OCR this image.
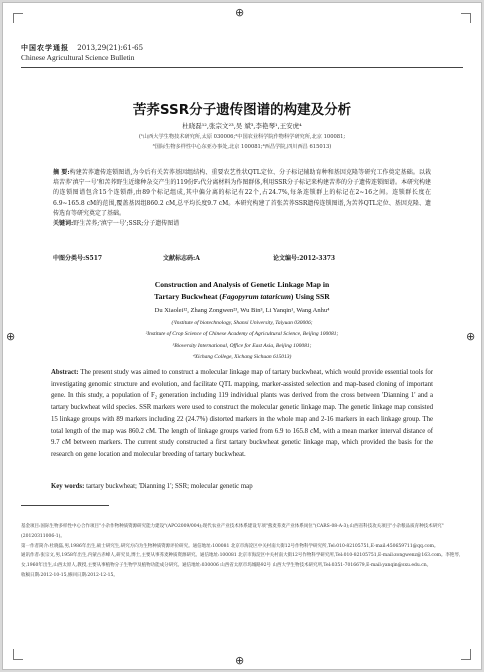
⊕
⊕
⊕	⊕
中国农学通报 2013,29(21):61-65
Chinese Agricultural Science Bulletin
苦荞SSR分子遗传图谱的构建及分析
杜晓磊¹²,张宗文²³,吴 斌³,李艳琴¹,王安虎⁴
(¹山西大学生物技术研究所,太原 030006;²中国农业科学院作物科学研究所,北京 100081;
³国际生物多样性中心东亚办事处,北京 100081;⁴西昌学院,四川西昌 615013)
摘 要:构建苦荞遗传连锁图谱,为今后有关苦荞基因组结构、重要农艺性状QTL定位、分子标记辅助育种和基因克隆等研究工作奠定基础。以栽培苦荞'滇宁一号'和苦荞野生近缘种杂交产生的119份F₂代分离材料为作图群体,利用SSR分子标记来构建苦荞的分子遗传连锁图谱。本研究构建的连锁图谱包含15个连锁群,由89个标记组成,其中偏分离的标记有22个,占24.7%,每条连锁群上的标记在2~16之间。连锁群长度在6.9~165.8 cM的范围,覆盖基因组860.2 cM,总平均长度9.7 cM。本研究构建了首张苦荞SSR遗传连锁图谱,为苦荞QTL定位、基因克隆、遗传选育等研究奠定了基础。
关键词:野生苦荞;'滇宁一号';SSR;分子遗传图谱
中图分类号:S517	文献标志码:A	论文编号:2012-3373
Construction and Analysis of Genetic Linkage Map in
Tartary Buckwheat (Fagopyrum tataricum) Using SSR
Du Xiaolei¹², Zhang Zongwen²³, Wu Bin³, Li Yanqin¹, Wang Anhu⁴
(¹Institute of biotechnology, Shanxi University, Taiyuan 030006;
²Institute of Crop Science of Chinese Academy of Agricultural Science, Beijing 100081;
³Bioversity International, Office for East Asia, Beijing 100081;
⁴Xichang College, Xichang Sichuan 615013)
Abstract: The present study was aimed to construct a molecular linkage map of tartary buckwheat, which would provide essential tools for investigating genomic structure and evolution, and facilitate QTL mapping, marker-assisted selection and map-based cloning of important gene. In this study, a population of F₂ generation including 119 individual plants was derived from the cross between 'Dianning 1' and a tartary buckwheat wild species. SSR markers were used to construct the molecular genetic linkage map. The genetic linkage map consisted 15 linkage groups with 89 markers including 22 (24.7%) distorted markers in the whole map and 2-16 markers in each linkage group. The total length of the map was 860.2 cM. The length of linkage groups varied from 6.9 to 165.8 cM, with a mean marker interval distance of 9.7 cM between markers. The current study constructed a first tartary buckwheat genetic linkage map, which provided the basis for the research on gene location and molecular breeding of tartary buckwheat.
Key words: tartary buckwheat; 'Dianning 1'; SSR; molecular genetic map

基金项目:国际生物多样性中心合作项目"小杂作物种质资源研究能力建设"(APO2009/004);现代农业产业技术体系建设专项"燕麦荞麦产业体系岗位"(CARS-08-A-3);山西省科技攻关项目"小杂粮品质育种技术研究"(20120311006-1)。

第一作者简介:杜晓磊,男,1986年出生,硕士研究生,研究方向为生物种质资源评价研究。通信地址:100081 北京市海淀区中关村南大街12号作物科学研究所,Tel:010-82105751,E-mail:450659711@qq.com。

通讯作者:张宗文,男,1958年出生,内蒙古赤峰人,研究员,博士,主要从事荞麦种质资源研究。通信地址:100081 北京市海淀区中关村南大街12号作物科学研究所,Tel:010-82105751,E-mail:zongwenz@163.com。李艳琴,女,1960年出生,山西太原人,教授,主要从事植物分子生物学及植物功能成分研究。通信地址:030006 山西省太原市坞城路92号 山西大学生物技术研究所,Tel:0351-7016679,E-mail:yanqin@sxu.edu.cn。

收稿日期:2012-10-15,修回日期:2012-12-15。
